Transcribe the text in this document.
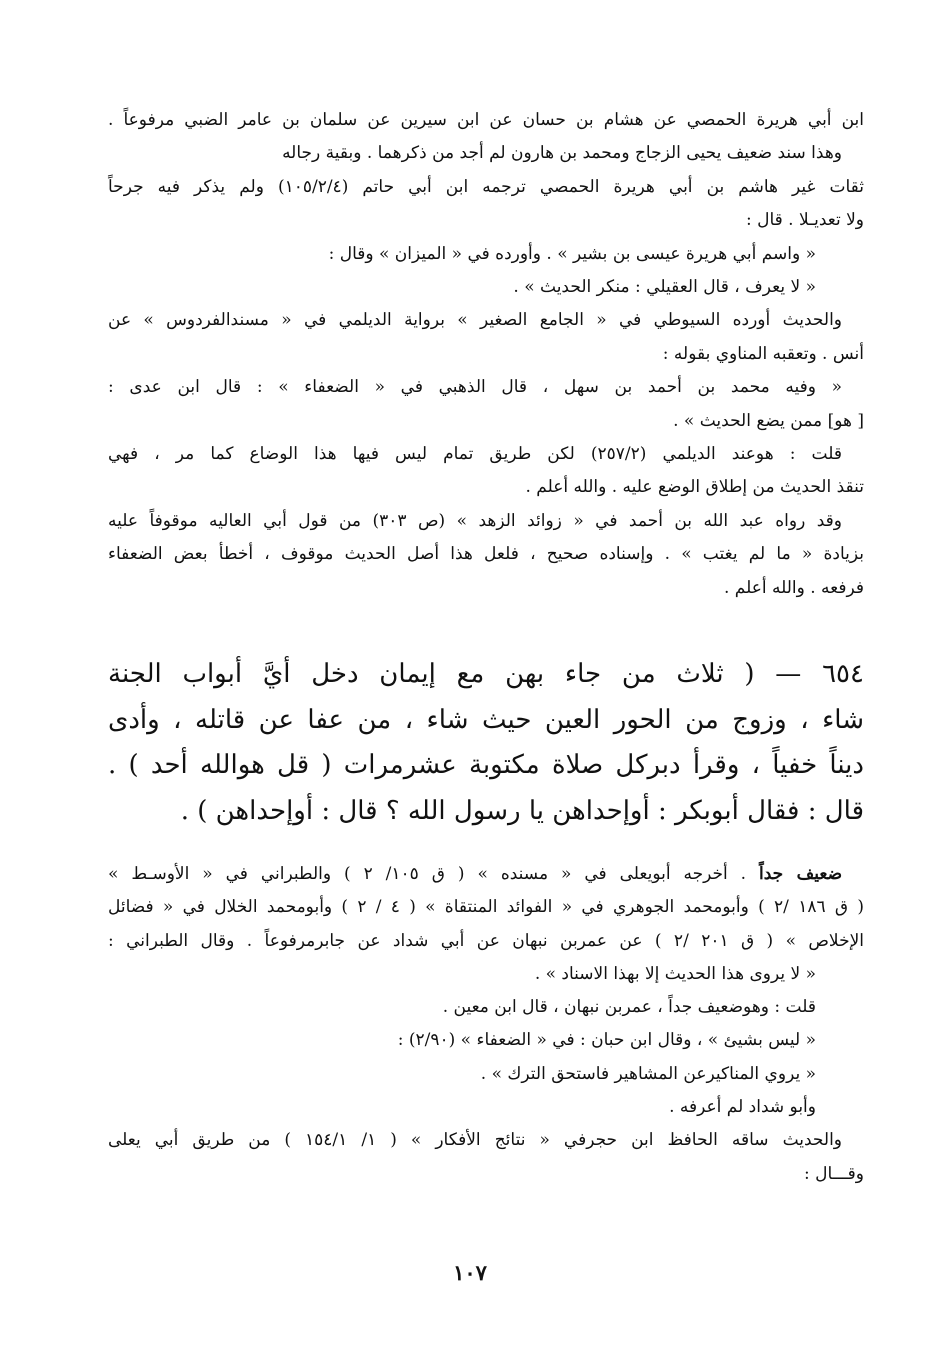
ابن أبي هريرة الحمصي عن هشام بن حسان عن ابن سيرين عن سلمان بن عامر الضبي مرفوعاً .
وهذا سند ضعيف يحيى الزجاج ومحمد بن هارون لم أجد من ذكرهما . وبقية رجاله
ثقات غير هاشم بن أبي هريرة الحمصي ترجمه ابن أبي حاتم (١٠٥/٢/٤) ولم يذكر فيه جرحاً
ولا تعديـلا . قال :
« واسم أبي هريرة عيسى بن بشير » . وأورده في « الميزان » وقال :
« لا يعرف ، قال العقيلي : منكر الحديث » .
والحديث أورده السيوطي في « الجامع الصغير » برواية الديلمي في « مسندالفردوس » عن
أنس . وتعقبه المناوي بقوله :
« وفيه محمد بن أحمد بن سهل ، قال الذهبي في « الضعفاء » : قال ابن عدى :
[ هو] ممن يضع الحديث » .
قلت : هوعند الديلمي (٢٥٧/٢) لكن طريق تمام ليس فيها هذا الوضاع كما مر ، فهي
تنقذ الحديث من إطلاق الوضع عليه . والله أعلم .
وقد رواه عبد الله بن أحمد في « زوائد الزهد » (ص ٣٠٣) من قول أبي العاليه موقوفاً عليه
بزيادة « ما لم يغتب » . وإسناده صحيح ، فلعل هذا أصل الحديث موقوف ، أخطأ بعض الضعفاء
فرفعه . والله أعلم .
٦٥٤ — ( ثلاث من جاء بهن مع إيمان دخل أيَّ أبواب الجنة
شاء ، وزوج من الحور العين حيث شاء ، من عفا عن قاتله ، وأدى
ديناً خفياً ، وقرأ دبركل صلاة مكتوبة عشرمرات ( قل هوالله أحد ) .
قال : فقال أبوبكر : أوإحداهن يا رسول الله ؟ قال : أوإحداهن ) .
ضعيف جداً . أخرجه أبويعلى في « مسنده » ( ق ١٠٥/ ٢ ) والطبراني في « الأوسـط »
( ق ١٨٦ /٢ ) وأبومحمد الجوهري في « الفوائد المنتقاة » ( ٤ / ٢ ) وأبومحمد الخلال في « فضائل
الإخلاص » ( ق ٢٠١ /٢ ) عن عمربن نبهان عن أبي شداد عن جابرمرفوعاً . وقال الطبراني :
« لا يروى هذا الحديث إلا بهذا الاسناد » .
قلت : وهوضعيف جداً ، عمربن نبهان ، قال ابن معين .
« ليس بشيئ » ، وقال ابن حبان : في « الضعفاء » (٢/٩٠) :
« يروي المناكيرعن المشاهير فاستحق الترك » .
وأبو شداد لم أعرفه .
والحديث ساقه الحافظ ابن حجرفي « نتائج الأفكار » ( ١/ ١٥٤/١ ) من طريق أبي يعلى
وقـــال :
١٠٧
